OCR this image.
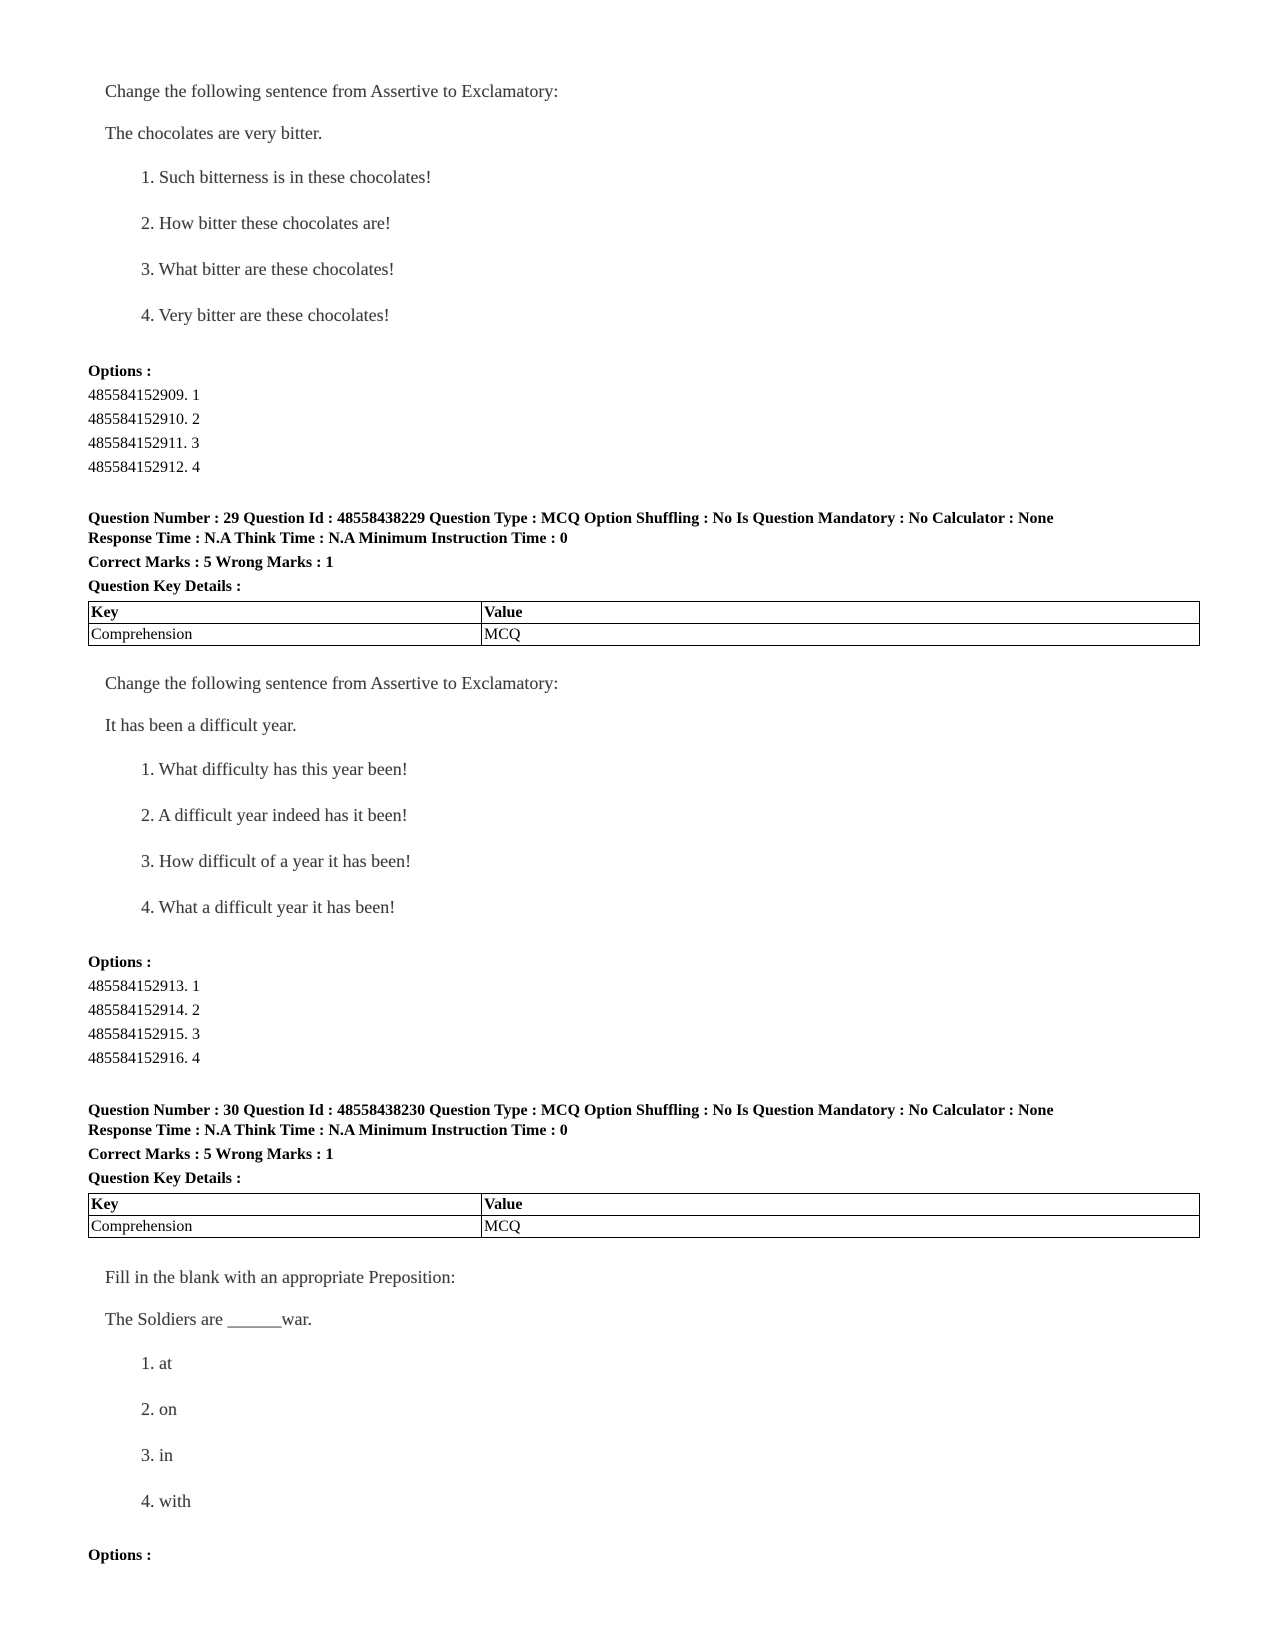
Change the following sentence from Assertive to Exclamatory:
The chocolates are very bitter.
1. Such bitterness is in these chocolates!
2. How bitter these chocolates are!
3. What bitter are these chocolates!
4. Very bitter are these chocolates!
Options :
485584152909. 1
485584152910. 2
485584152911. 3
485584152912. 4
Question Number : 29 Question Id : 48558438229 Question Type : MCQ Option Shuffling : No Is Question Mandatory : No Calculator : None
Response Time : N.A Think Time : N.A Minimum Instruction Time : 0
Correct Marks : 5 Wrong Marks : 1
Question Key Details :
Key	Value
Comprehension	MCQ
Change the following sentence from Assertive to Exclamatory:
It has been a difficult year.
1. What difficulty has this year been!
2. A difficult year indeed has it been!
3. How difficult of a year it has been!
4. What a difficult year it has been!
Options :
485584152913. 1
485584152914. 2
485584152915. 3
485584152916. 4
Question Number : 30 Question Id : 48558438230 Question Type : MCQ Option Shuffling : No Is Question Mandatory : No Calculator : None
Response Time : N.A Think Time : N.A Minimum Instruction Time : 0
Correct Marks : 5 Wrong Marks : 1
Question Key Details :
Key	Value
Comprehension	MCQ
Fill in the blank with an appropriate Preposition:
The Soldiers are ______war.
1. at
2. on
3. in
4. with
Options :
